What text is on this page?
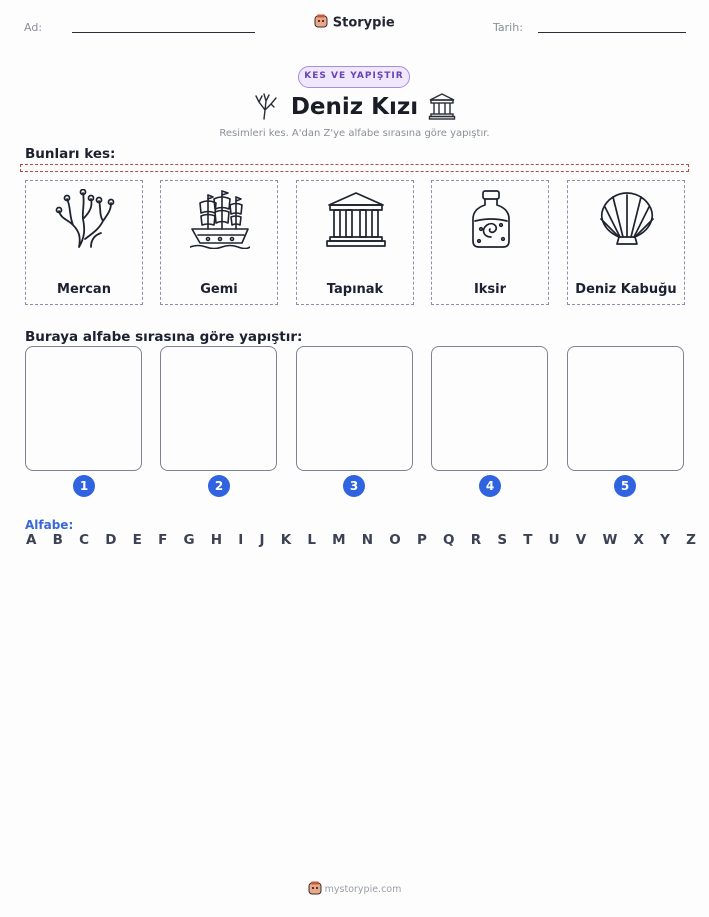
Ad:	Storypie	Tarih:
KES VE YAPIŞTIR
Deniz Kızı
Resimleri kes. A'dan Z'ye alfabe sırasına göre yapıştır.
Bunları kes:
Mercan	Gemi	Tapınak	Iksir	Deniz Kabuğu
Buraya alfabe sırasına göre yapıştır:
1	2	3	4	5
Alfabe:
A B C D E F G H I J K L M N O P Q R S T U V W X Y Z
mystorypie.com
